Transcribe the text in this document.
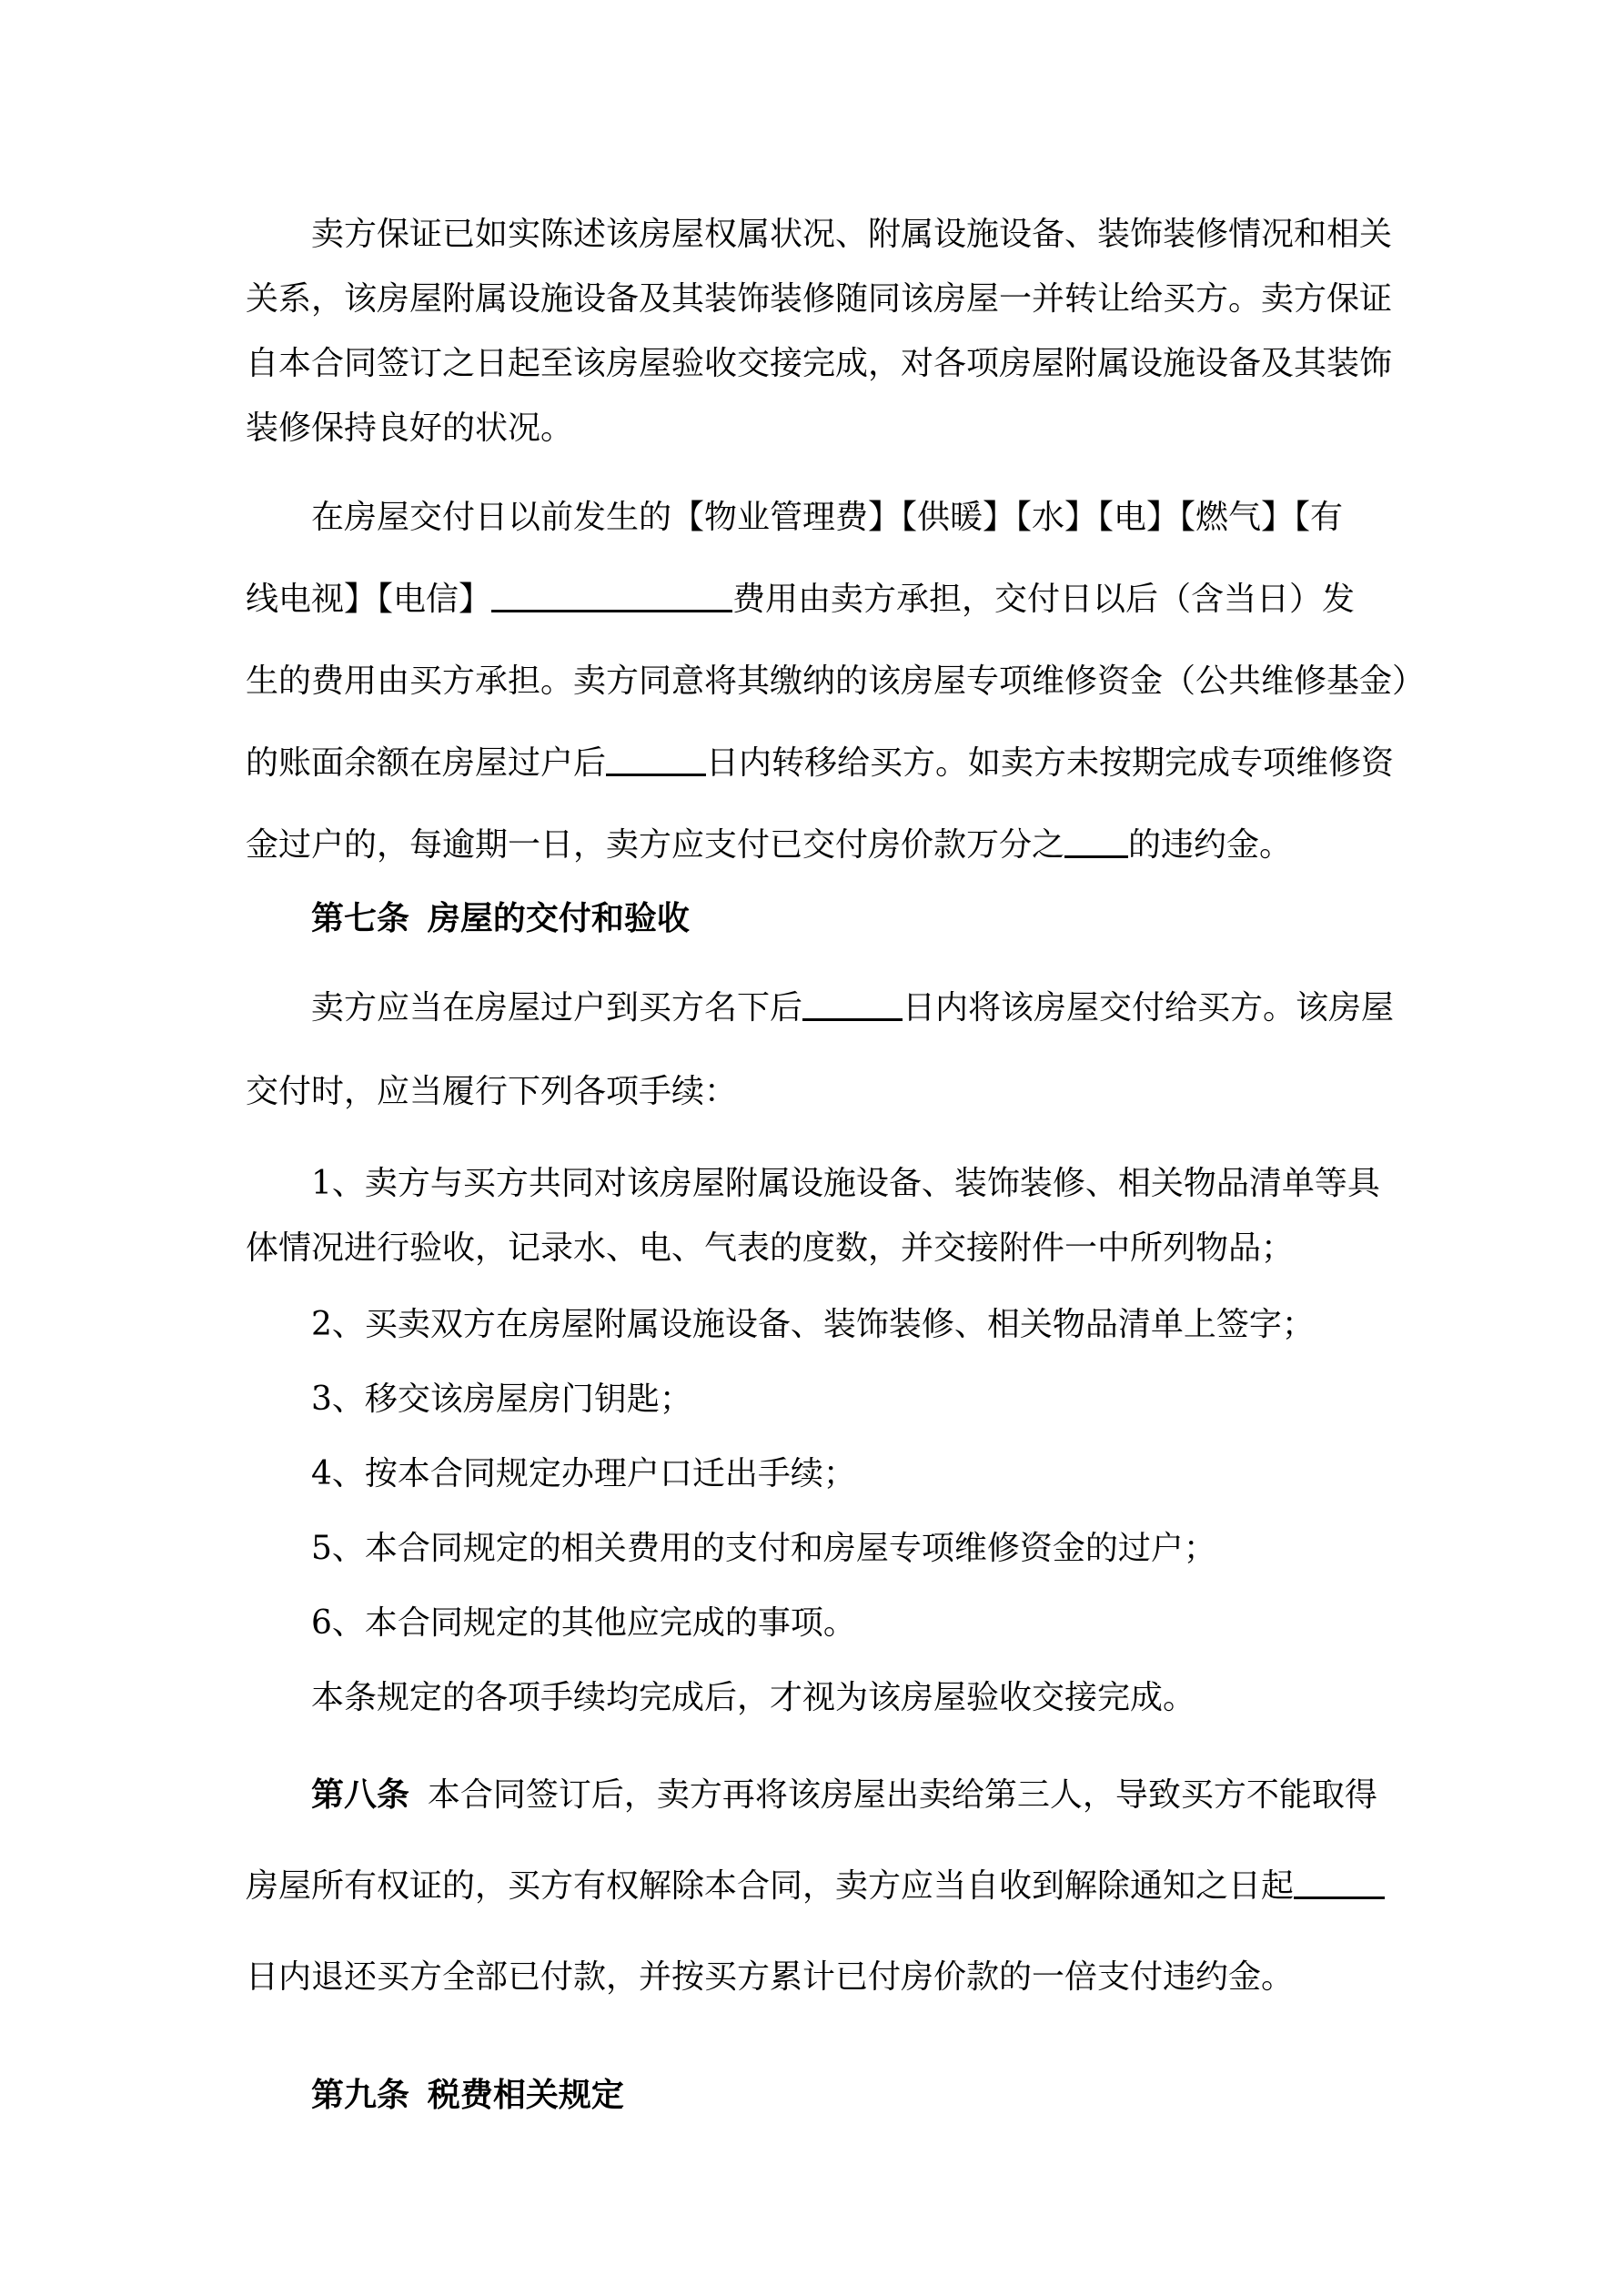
卖方保证已如实陈述该房屋权属状况、附属设施设备、装饰装修情况和相关
关系，该房屋附属设施设备及其装饰装修随同该房屋一并转让给买方。卖方保证
自本合同签订之日起至该房屋验收交接完成，对各项房屋附属设施设备及其装饰
装修保持良好的状况。
在房屋交付日以前发生的【物业管理费】【供暖】【水】【电】【燃气】【有
线电视】【电信】	费用由卖方承担，交付日以后（含当日）发
生的费用由买方承担。卖方同意将其缴纳的该房屋专项维修资金（公共维修基金）
的账面余额在房屋过户后	日内转移给买方。如卖方未按期完成专项维修资
金过户的，每逾期一日，卖方应支付已交付房价款万分之 的违约金。
第七条 房屋的交付和验收
卖方应当在房屋过户到买方名下后	日内将该房屋交付给买方。该房屋
交付时，应当履行下列各项手续：
1、卖方与买方共同对该房屋附属设施设备、装饰装修、相关物品清单等具
体情况进行验收，记录水、电、气表的度数，并交接附件一中所列物品；
2、买卖双方在房屋附属设施设备、装饰装修、相关物品清单上签字；
3、移交该房屋房门钥匙；
4、按本合同规定办理户口迁出手续；
5、本合同规定的相关费用的支付和房屋专项维修资金的过户；
6、本合同规定的其他应完成的事项。
本条规定的各项手续均完成后，才视为该房屋验收交接完成。
第八条 本合同签订后，卖方再将该房屋出卖给第三人，导致买方不能取得
房屋所有权证的，买方有权解除本合同，卖方应当自收到解除通知之日起
日内退还买方全部已付款，并按买方累计已付房价款的一倍支付违约金。
第九条 税费相关规定
